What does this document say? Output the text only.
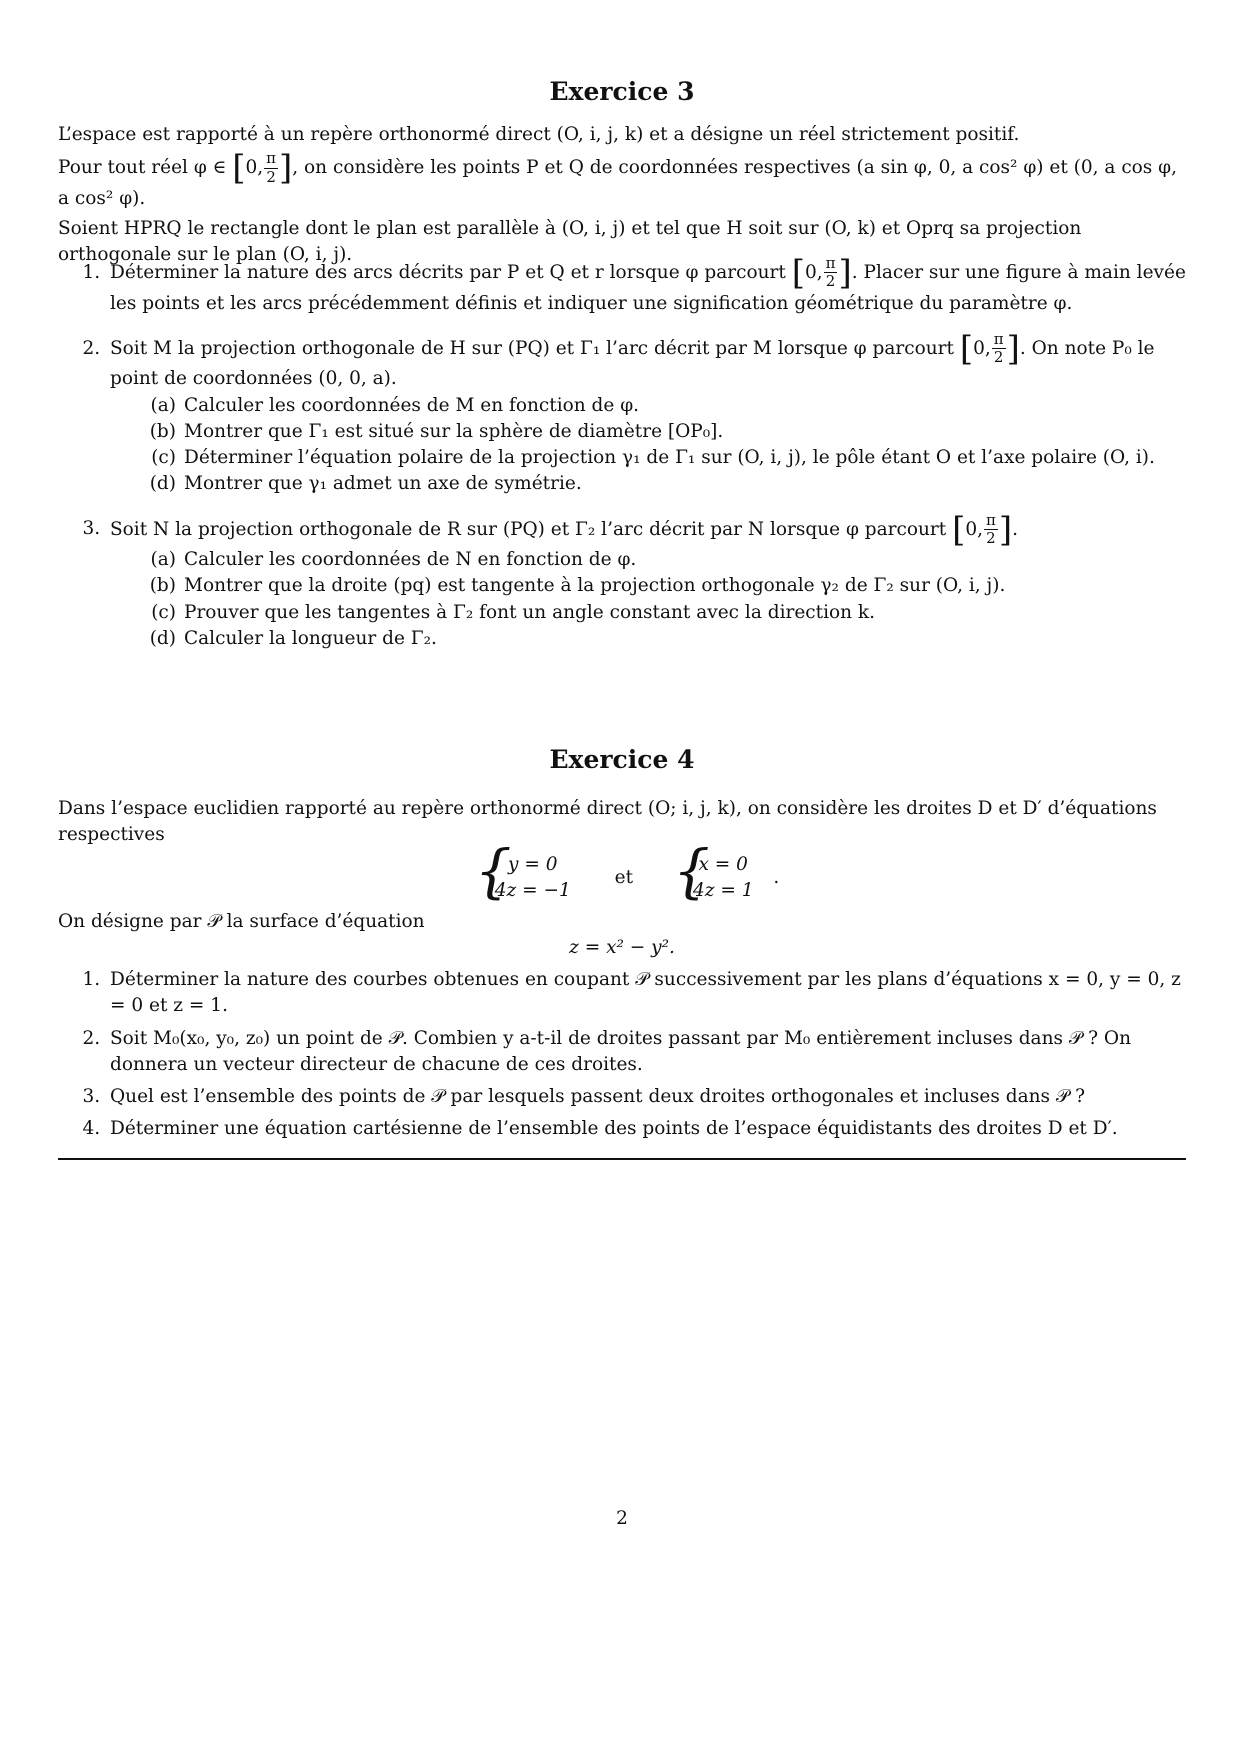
Exercice 3

L’espace est rapporté à un repère orthonormé direct (O, i, j, k) et a désigne un réel strictement positif.

Pour tout réel φ ∈ [0, $\frac{\pi}{2}$ ], on considère les points P et Q de coordonnées respectives (a sin φ, 0, a cos² φ) et (0, a cos φ, a cos² φ).

Soient HPRQ le rectangle dont le plan est parallèle à (O, i, j) et tel que H soit sur (O, k) et Oprq sa projection orthogonale sur le plan (O, i, j).

1. Déterminer la nature des arcs décrits par P et Q et r lorsque φ parcourt [0, $\frac{\pi}{2}$ ]. Placer sur une figure à main levée les points et les arcs précédemment définis et indiquer une signification géométrique du paramètre φ.
2. Soit M la projection orthogonale de H sur (PQ) et Γ₁ l’arc décrit par M lorsque φ parcourt [0, $\frac{\pi}{2}$ ]. On note P₀ le point de coordonnées (0, 0, a).
(a) Calculer les coordonnées de M en fonction de φ.
(b) Montrer que Γ₁ est situé sur la sphère de diamètre [OP₀].
(c) Déterminer l’équation polaire de la projection γ₁ de Γ₁ sur (O, i, j), le pôle étant O et l’axe polaire (O, i).
(d) Montrer que γ₁ admet un axe de symétrie.
3. Soit N la projection orthogonale de R sur (PQ) et Γ₂ l’arc décrit par N lorsque φ parcourt [0, $\frac{\pi}{2}$ ].
(a) Calculer les coordonnées de N en fonction de φ.
(b) Montrer que la droite (pq) est tangente à la projection orthogonale γ₂ de Γ₂ sur (O, i, j).
(c) Prouver que les tangentes à Γ₂ font un angle constant avec la direction k.
(d) Calculer la longueur de Γ₂.
Exercice 4

Dans l’espace euclidien rapporté au repère orthonormé direct (O; i, j, k), on considère les droites D et D′ d’équations respectives

{ y = 0
4z = −1
et
{ x = 0
4z = 1
.

On désigne par 𝒫 la surface d’équation

z = x² − y².

1. Déterminer la nature des courbes obtenues en coupant 𝒫 successivement par les plans d’équations x = 0, y = 0, z = 0 et z = 1.
2. Soit M₀(x₀, y₀, z₀) un point de 𝒫. Combien y a-t-il de droites passant par M₀ entièrement incluses dans 𝒫 ? On donnera un vecteur directeur de chacune de ces droites.
3. Quel est l’ensemble des points de 𝒫 par lesquels passent deux droites orthogonales et incluses dans 𝒫 ?
4. Déterminer une équation cartésienne de l’ensemble des points de l’espace équidistants des droites D et D′.
2
